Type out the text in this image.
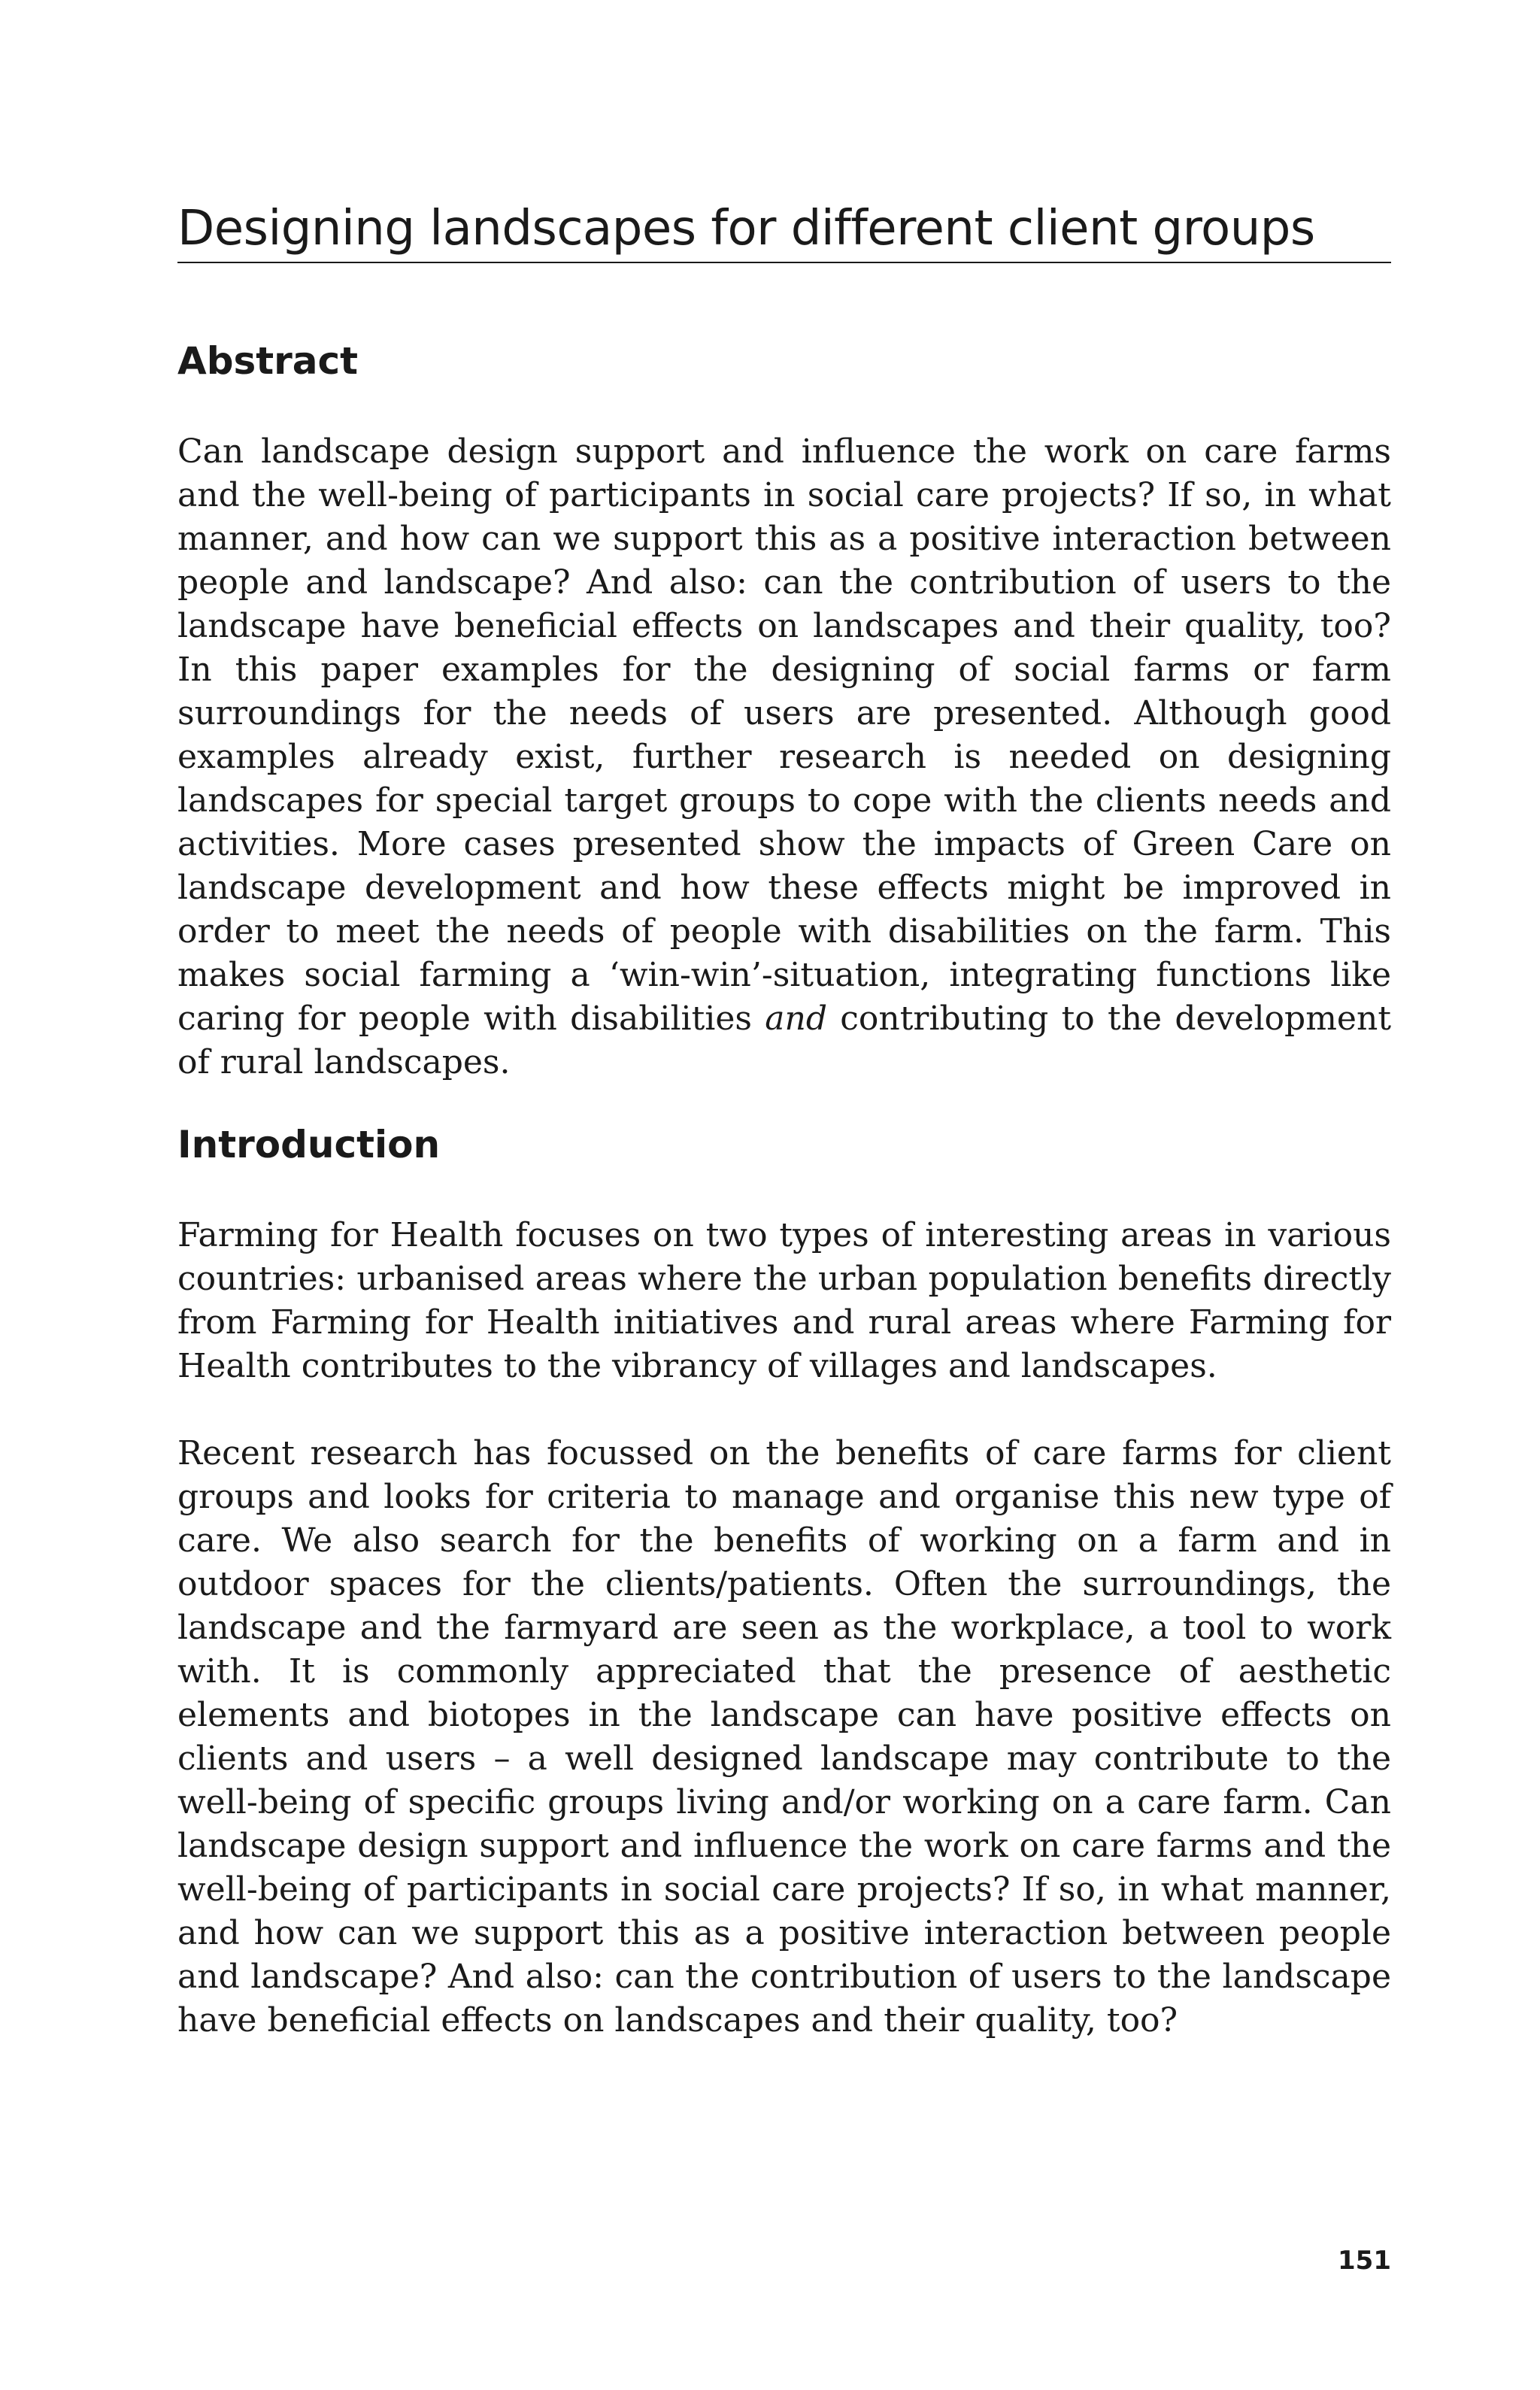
Designing landscapes for different client groups
Abstract

Can landscape design support and influence the work on care farms and the well-being of participants in social care projects? If so, in what manner, and how can we support this as a positive interaction between people and landscape? And also: can the contribution of users to the landscape have beneficial effects on landscapes and their quality, too? In this paper examples for the designing of social farms or farm surroundings for the needs of users are presented. Although good examples already exist, further research is needed on designing landscapes for special target groups to cope with the clients needs and activities. More cases presented show the impacts of Green Care on landscape development and how these effects might be improved in order to meet the needs of people with disabilities on the farm. This makes social farming a ‘win-win’-situation, integrating functions like caring for people with disabilities and contributing to the development of rural landscapes.

Introduction

Farming for Health focuses on two types of interesting areas in various countries: urbanised areas where the urban population benefits directly from Farming for Health initiatives and rural areas where Farming for Health contributes to the vibrancy of villages and landscapes.

Recent research has focussed on the benefits of care farms for client groups and looks for criteria to manage and organise this new type of care. We also search for the benefits of working on a farm and in outdoor spaces for the clients/patients. Often the surroundings, the landscape and the farmyard are seen as the workplace, a tool to work with. It is commonly appreciated that the presence of aesthetic elements and biotopes in the landscape can have positive effects on clients and users – a well designed landscape may contribute to the well-being of specific groups living and/or working on a care farm. Can landscape design support and influence the work on care farms and the well-being of participants in social care projects? If so, in what manner, and how can we support this as a positive interaction between people and landscape? And also: can the contribution of users to the landscape have beneficial effects on landscapes and their quality, too?

151
